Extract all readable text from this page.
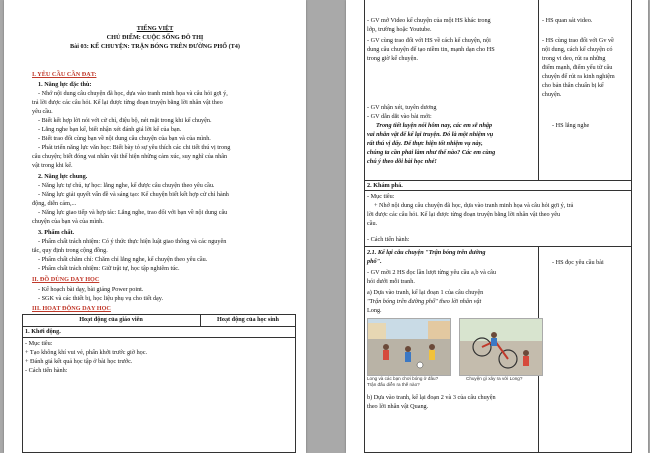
TIẾNG VIỆT
CHỦ ĐIỂM: CUỘC SỐNG ĐÔ THỊ
Bài 03: KỂ CHUYỆN: TRẬN BÓNG TRÊN ĐƯỜNG PHỐ (T4)
I. YÊU CẦU CẦN ĐẠT:
1. Năng lực đặc thù:
- Nhớ nội dung câu chuyện đã học, dựa vào tranh minh họa và câu hỏi gợi ý,
trả lời được các câu hỏi. Kể lại được từng đoạn truyện bằng lời nhân vật theo
yêu cầu.
- Biết kết hợp lời nói với cử chỉ, điệu bộ, nét mặt trong khi kể chuyện.
- Lắng nghe bạn kể, biết nhận xét đánh giá lời kể của bạn.
- Biết trao đổi cùng bạn về nội dung câu chuyện của bạn và của mình.
- Phát triển năng lực văn học: Biết bày tỏ sự yêu thích các chi tiết thú vị trong
câu chuyện; biết đóng vai nhân vật thể hiện những cảm xúc, suy nghĩ của nhân
vật trong khi kể.
2. Năng lực chung.
- Năng lực tự chủ, tự học: lắng nghe, kể được câu chuyện theo yêu cầu.
- Năng lực giải quyết vấn đề và sáng tạo: Kể chuyện biết kết hợp cử chỉ hành
động, diễn cảm,...
- Năng lực giao tiếp và hợp tác: Lắng nghe, trao đổi với bạn về nội dung câu
chuyện của bạn và của mình.
3. Phẩm chất.
- Phẩm chất trách nhiệm: Có ý thức thực hiện luật giao thông và các nguyên
tắc, quy định trong cộng đồng.
- Phẩm chất chăm chỉ: Chăm chỉ lắng nghe, kể chuyện theo yêu cầu.
- Phẩm chất trách nhiệm: Giữ trật tự, học tập nghiêm túc.
II. ĐỒ DÙNG DẠY HỌC
- Kế hoạch bài dạy, bài giảng Power point.
- SGK và các thiết bị, học liệu phụ vụ cho tiết dạy.
III. HOẠT ĐỘNG DẠY HỌC
Hoạt động của giáo viên	Hoạt động của học sinh
1. Khởi động.
- Mục tiêu:
+ Tạo không khí vui vẻ, phấn khởi trước giờ học.
+ Đánh giá kết quả học tập ở bài học trước.
- Cách tiến hành:
- GV mở Video kể chuyện của một HS khác trong
lớp, trường hoặc Youtube.
- GV cùng trao đổi với HS về cách kể chuyện, nội
dung câu chuyện để tạo niềm tin, mạnh dạn cho HS
trong giờ kể chuyện.
- HS quan sát video.
- HS cùng trao đổi với Gv về
nội dung, cách kể chuyện có
trong vi deo, rút ra những
điểm mạnh, điểm yếu từ câu
chuyện để rút ra kinh nghiệm
cho bản thân chuẩn bị kể
chuyện.
- GV nhận xét, tuyên dương
- GV dẫn dắt vào bài mới:
Trong tiết luyện nói hôm nay, các em sẽ nhập
vai nhân vật để kể lại truyện. Đó là một nhiệm vụ
rất thú vị đấy. Để thực hiện tốt nhiệm vụ này,
chúng ta cần phải làm như thế nào? Các em cùng
chú ý theo dõi bài học nhé!
- HS lắng nghe
2. Khám phá.
- Mục tiêu:
+ Nhớ nội dung câu chuyện đã học, dựa vào tranh minh họa và câu hỏi gợi ý, trả
lời được các câu hỏi. Kể lại được từng đoạn truyện bằng lời nhân vật theo yêu
cầu.
- Cách tiến hành:
2.1. Kể lại câu chuyện "Trận bóng trên đường
phố".
- GV mời 2 HS đọc lần lượt từng yêu cầu a,b và câu
hỏi dưới mỗi tranh.
a) Dựa vào tranh, kể lại đoạn 1 của câu chuyện
"Trận bóng trên đường phố" theo lời nhân vật
Long.
- HS đọc yêu cầu bài
Long và các bạn chơi bóng ở đâu?
Trận đấu diễn ra thế nào?
Chuyện gì xảy ra với Long?
b) Dựa vào tranh, kể lại đoạn 2 và 3 của câu chuyện
theo lời nhân vật Quang.
